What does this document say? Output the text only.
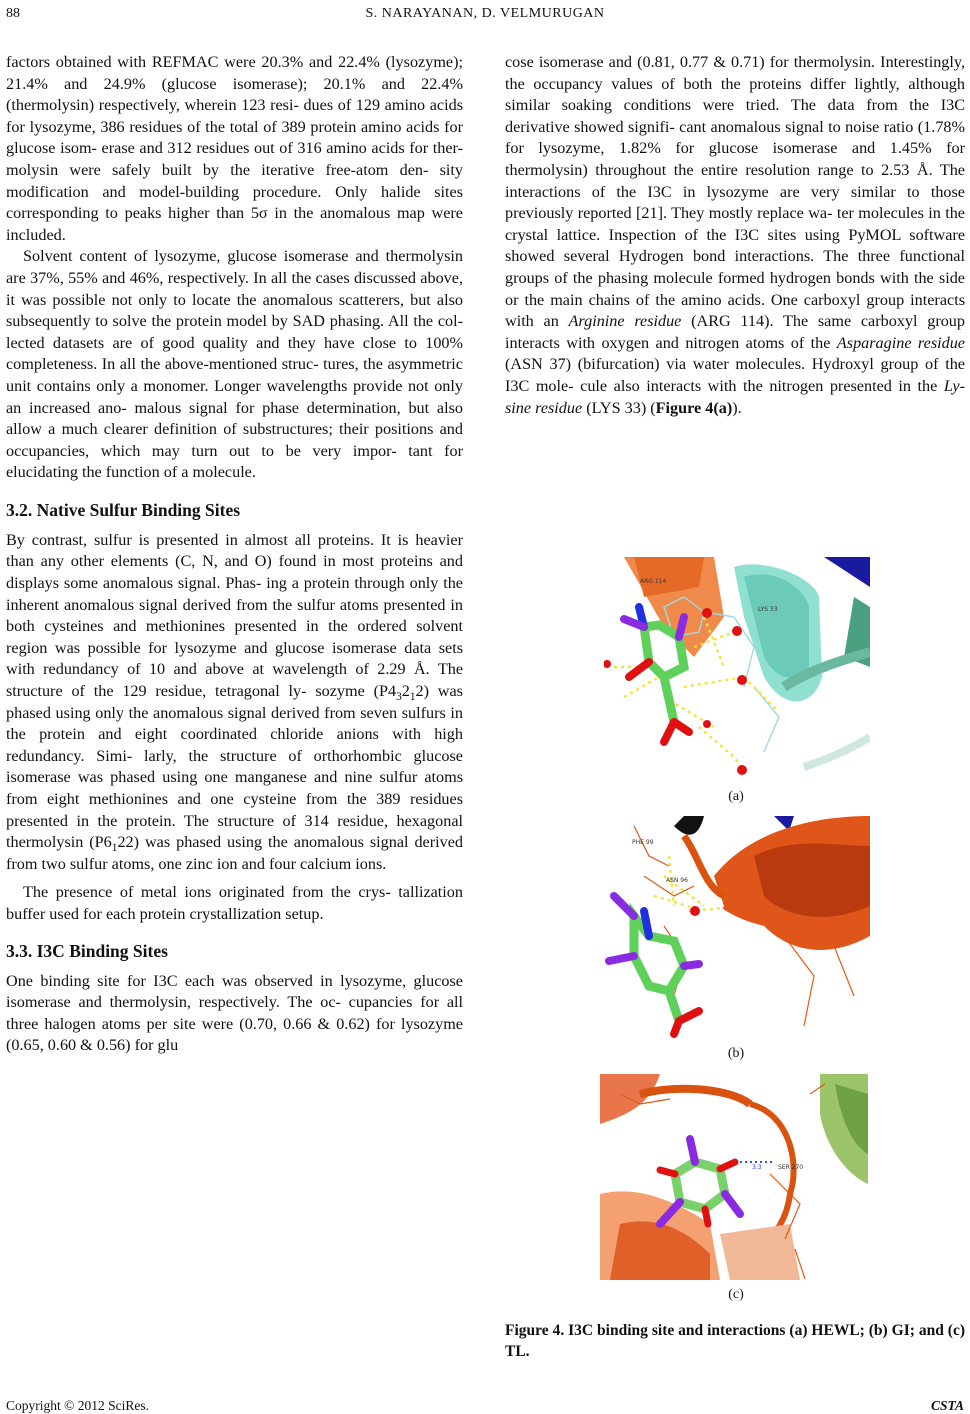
88	S. NARAYANAN, D. VELMURUGAN

factors obtained with REFMAC were 20.3% and 22.4% (lysozyme); 21.4% and 24.9% (glucose isomerase); 20.1% and 22.4% (thermolysin) respectively, wherein 123 resi- dues of 129 amino acids for lysozyme, 386 residues of the total of 389 protein amino acids for glucose isom- erase and 312 residues out of 316 amino acids for ther- molysin were safely built by the iterative free-atom den- sity modification and model-building procedure. Only halide sites corresponding to peaks higher than 5σ in the anomalous map were included.

Solvent content of lysozyme, glucose isomerase and thermolysin are 37%, 55% and 46%, respectively. In all the cases discussed above, it was possible not only to locate the anomalous scatterers, but also subsequently to solve the protein model by SAD phasing. All the col- lected datasets are of good quality and they have close to 100% completeness. In all the above-mentioned struc- tures, the asymmetric unit contains only a monomer. Longer wavelengths provide not only an increased ano- malous signal for phase determination, but also allow a much clearer definition of substructures; their positions and occupancies, which may turn out to be very impor- tant for elucidating the function of a molecule.

3.2. Native Sulfur Binding Sites

By contrast, sulfur is presented in almost all proteins. It is heavier than any other elements (C, N, and O) found in most proteins and displays some anomalous signal. Phas- ing a protein through only the inherent anomalous signal derived from the sulfur atoms presented in both cysteines and methionines presented in the ordered solvent region was possible for lysozyme and glucose isomerase data sets with redundancy of 10 and above at wavelength of 2.29 Å. The structure of the 129 residue, tetragonal ly- sozyme $(P4_32_12)$ was phased using only the anomalous signal derived from seven sulfurs in the protein and eight coordinated chloride anions with high redundancy. Simi- larly, the structure of orthorhombic glucose isomerase was phased using one manganese and nine sulfur atoms from eight methionines and one cysteine from the 389 residues presented in the protein. The structure of 314 residue, hexagonal thermolysin $(P6_122)$ was phased using the anomalous signal derived from two sulfur atoms, one zinc ion and four calcium ions.

The presence of metal ions originated from the crys- tallization buffer used for each protein crystallization setup.

3.3. I3C Binding Sites

One binding site for I3C each was observed in lysozyme, glucose isomerase and thermolysin, respectively. The oc- cupancies for all three halogen atoms per site were (0.70, 0.66 & 0.62) for lysozyme (0.65, 0.60 & 0.56) for glu

cose isomerase and (0.81, 0.77 & 0.71) for thermolysin. Interestingly, the occupancy values of both the proteins differ lightly, although similar soaking conditions were tried. The data from the I3C derivative showed signifi- cant anomalous signal to noise ratio (1.78% for lysozyme, 1.82% for glucose isomerase and 1.45% for thermolysin) throughout the entire resolution range to 2.53 Å. The interactions of the I3C in lysozyme are very similar to those previously reported [21]. They mostly replace wa- ter molecules in the crystal lattice. Inspection of the I3C sites using PyMOL software showed several Hydrogen bond interactions. The three functional groups of the phasing molecule formed hydrogen bonds with the side or the main chains of the amino acids. One carboxyl group interacts with an Arginine residue (ARG 114). The same carboxyl group interacts with oxygen and nitrogen atoms of the Asparagine residue (ASN 37) (bifurcation) via water molecules. Hydroxyl group of the I3C mole- cule also interacts with the nitrogen presented in the Ly- sine residue (LYS 33) (Figure 4(a)).

ARG 114
LYS 33
(a)
PHE 99
ASN 96
(b)
3.3	SER 270
(c)
Figure 4. I3C binding site and interactions (a) HEWL; (b) GI; and (c) TL.
Copyright © 2012 SciRes.	CSTA
